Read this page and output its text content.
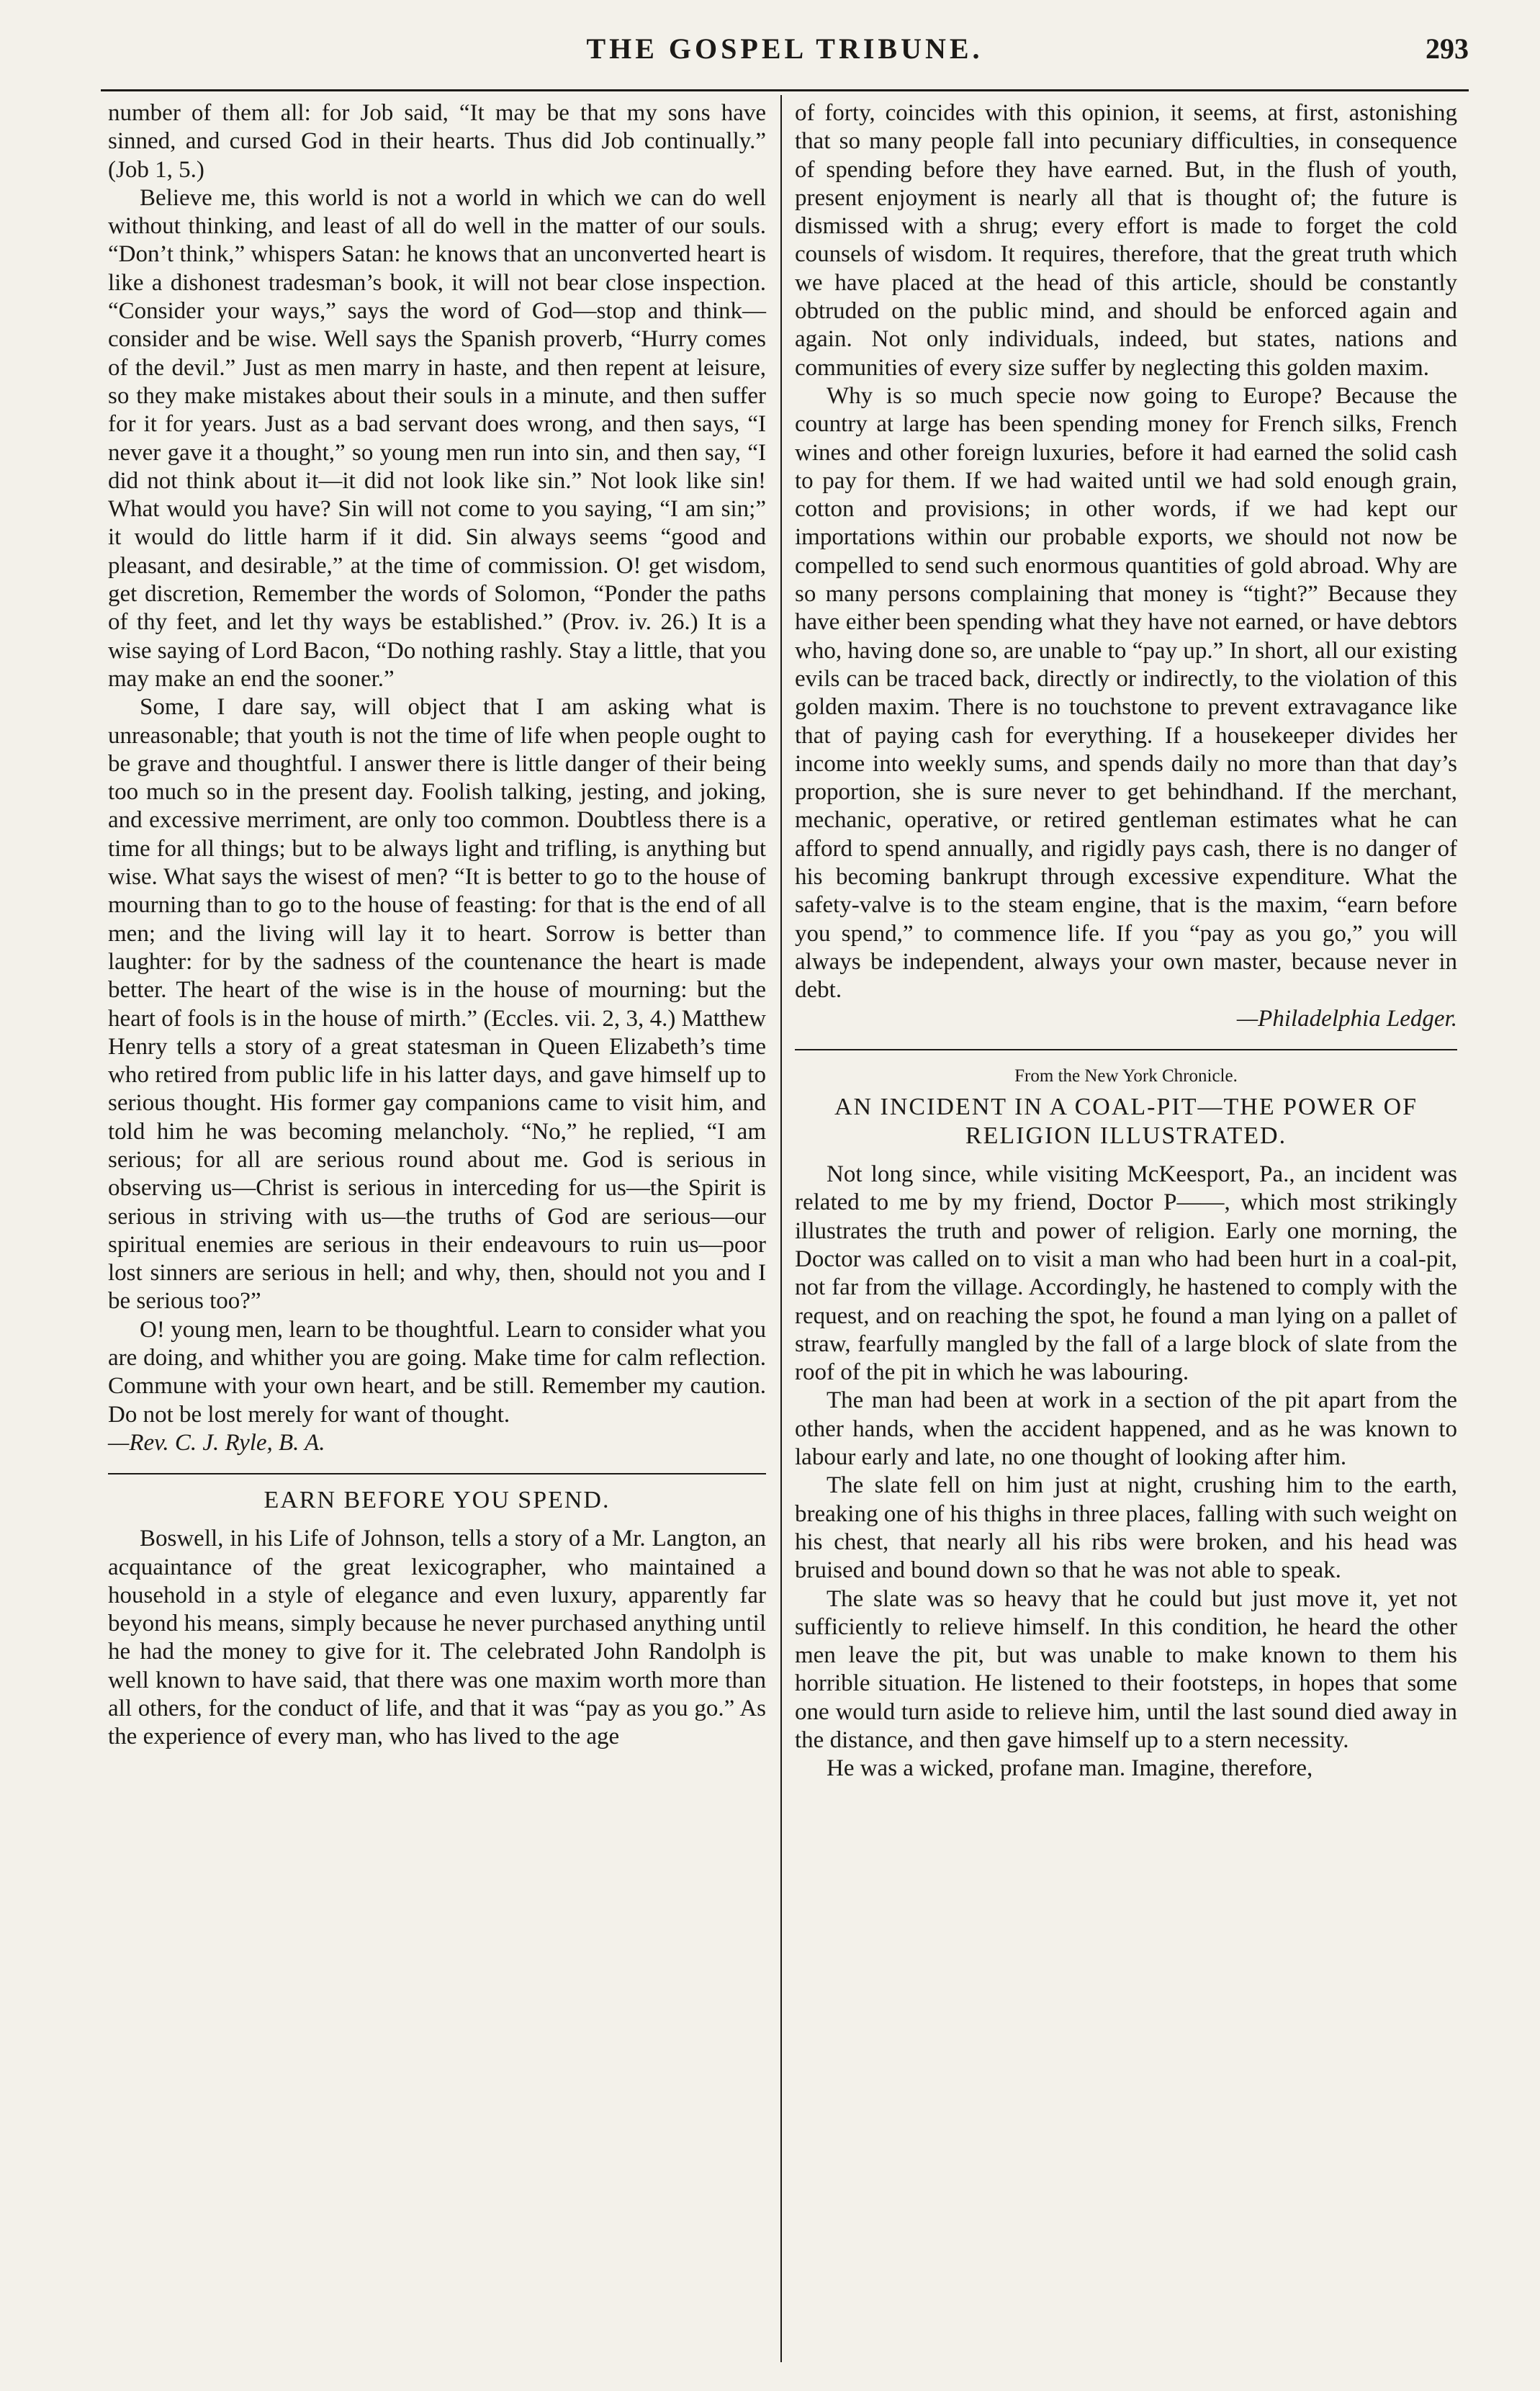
THE GOSPEL TRIBUNE.	293

number of them all: for Job said, “It may be that my sons have sinned, and cursed God in their hearts. Thus did Job continually.” (Job 1, 5.)

Believe me, this world is not a world in which we can do well without thinking, and least of all do well in the matter of our souls. “Don’t think,” whispers Satan: he knows that an unconverted heart is like a dishonest tradesman’s book, it will not bear close inspection. “Consider your ways,” says the word of God—stop and think—consider and be wise. Well says the Spanish proverb, “Hurry comes of the devil.” Just as men marry in haste, and then repent at leisure, so they make mistakes about their souls in a minute, and then suffer for it for years. Just as a bad servant does wrong, and then says, “I never gave it a thought,” so young men run into sin, and then say, “I did not think about it—it did not look like sin.” Not look like sin! What would you have? Sin will not come to you saying, “I am sin;” it would do little harm if it did. Sin always seems “good and pleasant, and desirable,” at the time of commission. O! get wisdom, get discretion, Remember the words of Solomon, “Ponder the paths of thy feet, and let thy ways be established.” (Prov. iv. 26.) It is a wise saying of Lord Bacon, “Do nothing rashly. Stay a little, that you may make an end the sooner.”

Some, I dare say, will object that I am asking what is unreasonable; that youth is not the time of life when people ought to be grave and thoughtful. I answer there is little danger of their being too much so in the present day. Foolish talking, jesting, and joking, and excessive merriment, are only too common. Doubtless there is a time for all things; but to be always light and trifling, is anything but wise. What says the wisest of men? “It is better to go to the house of mourning than to go to the house of feasting: for that is the end of all men; and the living will lay it to heart. Sorrow is better than laughter: for by the sadness of the countenance the heart is made better. The heart of the wise is in the house of mourning: but the heart of fools is in the house of mirth.” (Eccles. vii. 2, 3, 4.) Matthew Henry tells a story of a great statesman in Queen Elizabeth’s time who retired from public life in his latter days, and gave himself up to serious thought. His former gay companions came to visit him, and told him he was becoming melancholy. “No,” he replied, “I am serious; for all are serious round about me. God is serious in observing us—Christ is serious in interceding for us—the Spirit is serious in striving with us—the truths of God are serious—our spiritual enemies are serious in their endeavours to ruin us—poor lost sinners are serious in hell; and why, then, should not you and I be serious too?”

O! young men, learn to be thoughtful. Learn to consider what you are doing, and whither you are going. Make time for calm reflection. Commune with your own heart, and be still. Remember my caution. Do not be lost merely for want of thought.

—Rev. C. J. Ryle, B. A.

EARN BEFORE YOU SPEND.

Boswell, in his Life of Johnson, tells a story of a Mr. Langton, an acquaintance of the great lexicographer, who maintained a household in a style of elegance and even luxury, apparently far beyond his means, simply because he never purchased anything until he had the money to give for it. The celebrated John Randolph is well known to have said, that there was one maxim worth more than all others, for the conduct of life, and that it was “pay as you go.” As the experience of every man, who has lived to the age

of forty, coincides with this opinion, it seems, at first, astonishing that so many people fall into pecuniary difficulties, in consequence of spending before they have earned. But, in the flush of youth, present enjoyment is nearly all that is thought of; the future is dismissed with a shrug; every effort is made to forget the cold counsels of wisdom. It requires, therefore, that the great truth which we have placed at the head of this article, should be constantly obtruded on the public mind, and should be enforced again and again. Not only individuals, indeed, but states, nations and communities of every size suffer by neglecting this golden maxim.

Why is so much specie now going to Europe? Because the country at large has been spending money for French silks, French wines and other foreign luxuries, before it had earned the solid cash to pay for them. If we had waited until we had sold enough grain, cotton and provisions; in other words, if we had kept our importations within our probable exports, we should not now be compelled to send such enormous quantities of gold abroad. Why are so many persons complaining that money is “tight?” Because they have either been spending what they have not earned, or have debtors who, having done so, are unable to “pay up.” In short, all our existing evils can be traced back, directly or indirectly, to the violation of this golden maxim. There is no touchstone to prevent extravagance like that of paying cash for everything. If a housekeeper divides her income into weekly sums, and spends daily no more than that day’s proportion, she is sure never to get behindhand. If the merchant, mechanic, operative, or retired gentleman estimates what he can afford to spend annually, and rigidly pays cash, there is no danger of his becoming bankrupt through excessive expenditure. What the safety-valve is to the steam engine, that is the maxim, “earn before you spend,” to commence life. If you “pay as you go,” you will always be independent, always your own master, because never in debt.

—Philadelphia Ledger.

From the New York Chronicle.
AN INCIDENT IN A COAL-PIT—THE POWER OF RELIGION ILLUSTRATED.

Not long since, while visiting McKeesport, Pa., an incident was related to me by my friend, Doctor P——, which most strikingly illustrates the truth and power of religion. Early one morning, the Doctor was called on to visit a man who had been hurt in a coal-pit, not far from the village. Accordingly, he hastened to comply with the request, and on reaching the spot, he found a man lying on a pallet of straw, fearfully mangled by the fall of a large block of slate from the roof of the pit in which he was labouring.

The man had been at work in a section of the pit apart from the other hands, when the accident happened, and as he was known to labour early and late, no one thought of looking after him.

The slate fell on him just at night, crushing him to the earth, breaking one of his thighs in three places, falling with such weight on his chest, that nearly all his ribs were broken, and his head was bruised and bound down so that he was not able to speak.

The slate was so heavy that he could but just move it, yet not sufficiently to relieve himself. In this condition, he heard the other men leave the pit, but was unable to make known to them his horrible situation. He listened to their footsteps, in hopes that some one would turn aside to relieve him, until the last sound died away in the distance, and then gave himself up to a stern necessity.

He was a wicked, profane man. Imagine, therefore,
